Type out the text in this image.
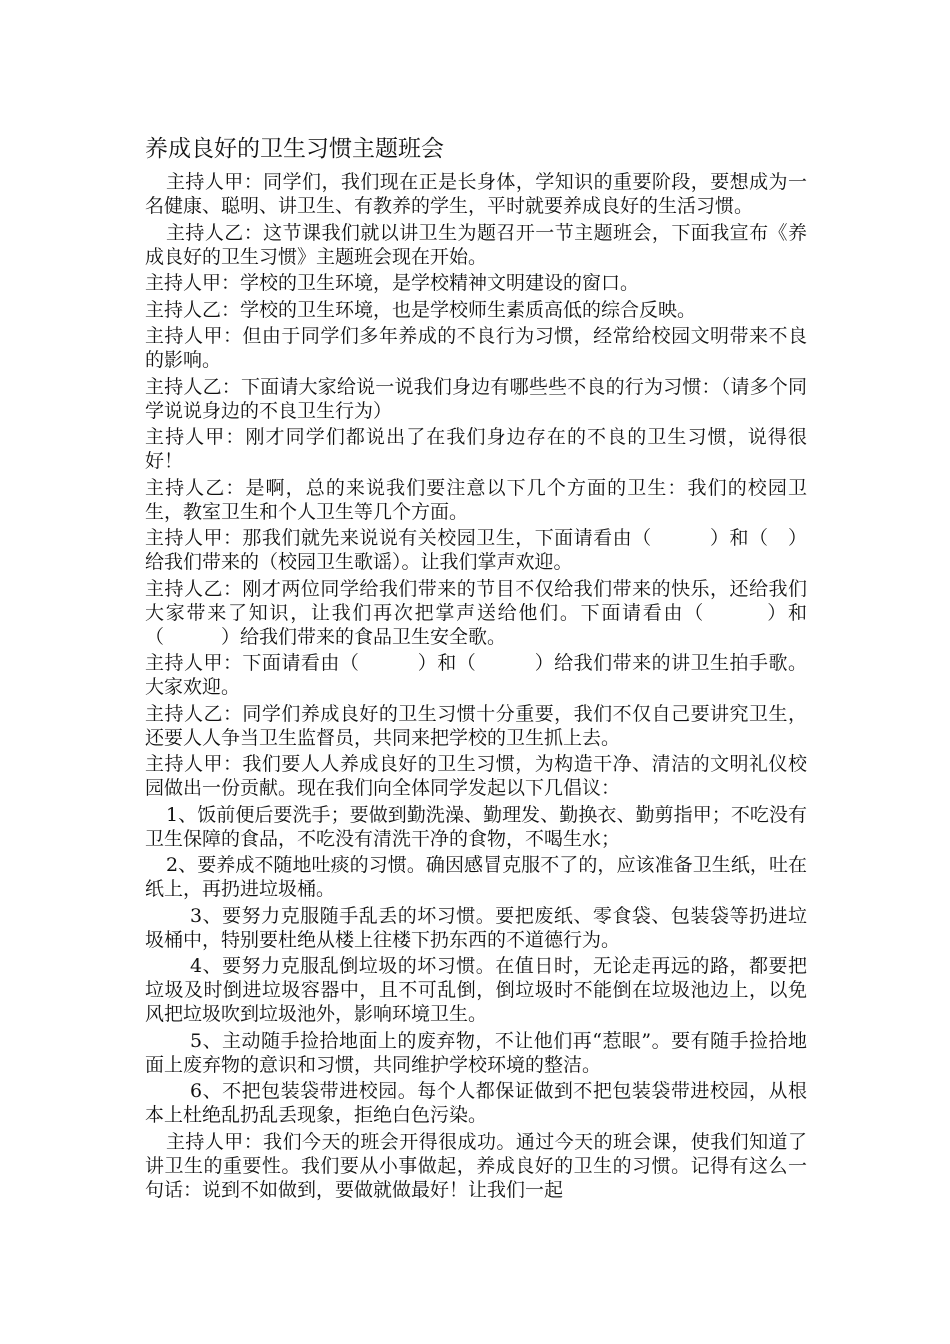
养成良好的卫生习惯主题班会

主持人甲：同学们，我们现在正是长身体，学知识的重要阶段，要想成为一名健康、聪明、讲卫生、有教养的学生，平时就要养成良好的生活习惯。

主持人乙：这节课我们就以讲卫生为题召开一节主题班会，下面我宣布《养成良好的卫生习惯》主题班会现在开始。

主持人甲：学校的卫生环境，是学校精神文明建设的窗口。

主持人乙：学校的卫生环境，也是学校师生素质高低的综合反映。

主持人甲：但由于同学们多年养成的不良行为习惯，经常给校园文明带来不良的影响。

主持人乙：下面请大家给说一说我们身边有哪些些不良的行为习惯：（请多个同学说说身边的不良卫生行为）

主持人甲：刚才同学们都说出了在我们身边存在的不良的卫生习惯，说得很好！

主持人乙：是啊，总的来说我们要注意以下几个方面的卫生：我们的校园卫生，教室卫生和个人卫生等几个方面。

主持人甲：那我们就先来说说有关校园卫生，下面请看由（　　　）和（　）给我们带来的（校园卫生歌谣）。让我们掌声欢迎。

主持人乙：刚才两位同学给我们带来的节目不仅给我们带来的快乐，还给我们大家带来了知识，让我们再次把掌声送给他们。下面请看由（　　　）和（　　　）给我们带来的食品卫生安全歌。

主持人甲：下面请看由（　　　）和（　　　）给我们带来的讲卫生拍手歌。大家欢迎。

主持人乙：同学们养成良好的卫生习惯十分重要，我们不仅自己要讲究卫生，还要人人争当卫生监督员，共同来把学校的卫生抓上去。

主持人甲：我们要人人养成良好的卫生习惯，为构造干净、清洁的文明礼仪校园做出一份贡献。现在我们向全体同学发起以下几倡议：

1、饭前便后要洗手；要做到勤洗澡、勤理发、勤换衣、勤剪指甲；不吃没有卫生保障的食品，不吃没有清洗干净的食物，不喝生水；

2、要养成不随地吐痰的习惯。确因感冒克服不了的，应该准备卫生纸，吐在纸上，再扔进垃圾桶。

3、要努力克服随手乱丢的坏习惯。要把废纸、零食袋、包装袋等扔进垃圾桶中，特别要杜绝从楼上往楼下扔东西的不道德行为。

4、要努力克服乱倒垃圾的坏习惯。在值日时，无论走再远的路，都要把垃圾及时倒进垃圾容器中，且不可乱倒，倒垃圾时不能倒在垃圾池边上，以免风把垃圾吹到垃圾池外，影响环境卫生。

5、主动随手捡拾地面上的废弃物，不让他们再“惹眼”。要有随手捡拾地面上废弃物的意识和习惯，共同维护学校环境的整洁。

6、不把包装袋带进校园。每个人都保证做到不把包装袋带进校园，从根本上杜绝乱扔乱丢现象，拒绝白色污染。

主持人甲：我们今天的班会开得很成功。通过今天的班会课，使我们知道了讲卫生的重要性。我们要从小事做起，养成良好的卫生的习惯。记得有这么一句话：说到不如做到，要做就做最好！让我们一起
